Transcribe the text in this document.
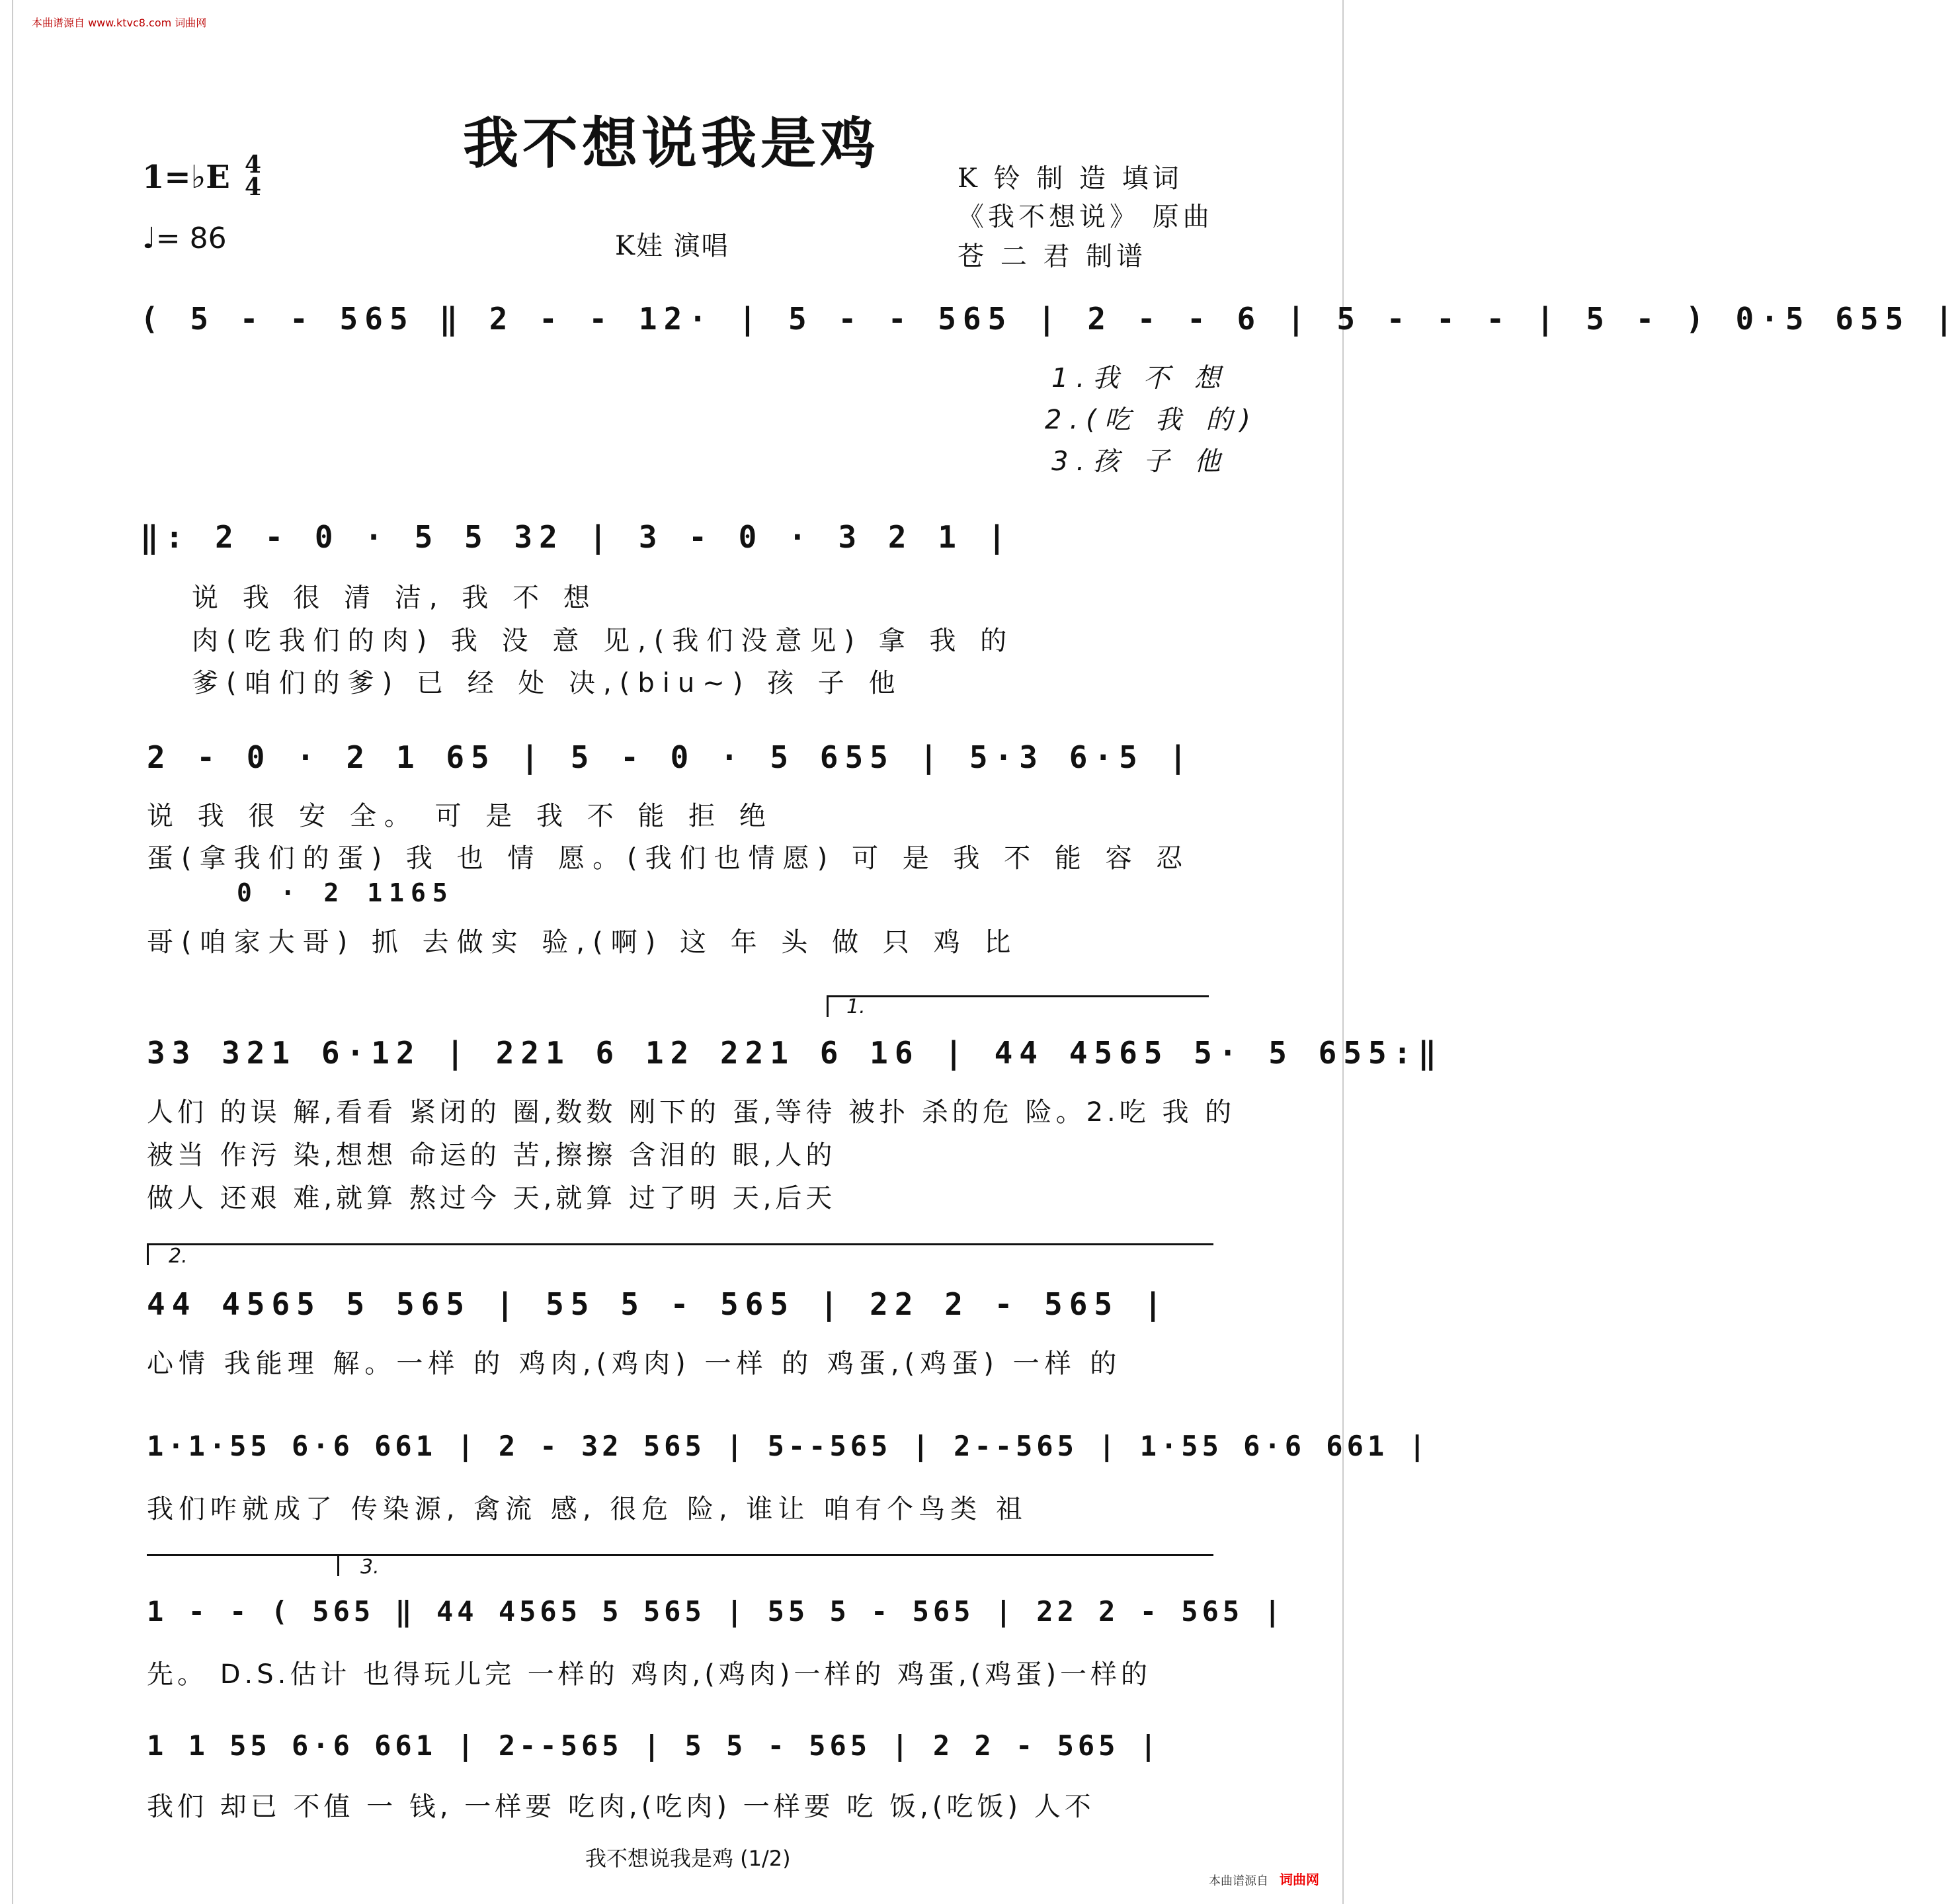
本曲谱源自 www.ktvc8.com 词曲网
我不想说我是鸡
1=♭E 4
4
♩= 86	K娃 演唱
K 铃 制 造 填词
《我不想说》 原曲
苍 二 君 制谱
( 5 - - 565 ‖ 2 - - 12· | 5 - - 565 | 2 - - 6 | 5 - - - | 5 - ) 0·5 655 |
1.我 不 想
2.(吃 我 的)
3.孩 子 他
‖: 2 - 0 · 5 5 32 | 3 - 0 · 3 2 1 |
说 我 很 清 洁, 我 不 想
肉(吃我们的肉) 我 没 意 见,(我们没意见) 拿 我 的
爹(咱们的爹) 已 经 处 决,(biu~) 孩 子 他
2 - 0 · 2 1 65 | 5 - 0 · 5 655 | 5·3 6·5 |
说 我 很 安 全。 可 是 我 不 能 拒 绝
蛋(拿我们的蛋) 我 也 情 愿。(我们也情愿) 可 是 我 不 能 容 忍
0 · 2 1165
哥(咱家大哥) 抓 去做实 验,(啊) 这 年 头 做 只 鸡 比
1.
33 321 6·12 | 221 6 12 221 6 16 | 44 4565 5· 5 655:‖
人们 的误 解,看看 紧闭的 圈,数数 刚下的 蛋,等待 被扑 杀的危 险。2.吃 我 的
被当 作污 染,想想 命运的 苦,擦擦 含泪的 眼,人的
做人 还艰 难,就算 熬过今 天,就算 过了明 天,后天
2.
44 4565 5 565 | 55 5 - 565 | 22 2 - 565 |
心情 我能理 解。一样 的 鸡肉,(鸡肉) 一样 的 鸡蛋,(鸡蛋) 一样 的
1·1·55 6·6 661 | 2 - 32 565 | 5--565 | 2--565 | 1·55 6·6 661 |
我们咋就成了 传染源, 禽流 感, 很危 险, 谁让 咱有个鸟类 祖
3.
1 - - ( 565 ‖ 44 4565 5 565 | 55 5 - 565 | 22 2 - 565 |
先。 D.S.估计 也得玩儿完 一样的 鸡肉,(鸡肉)一样的 鸡蛋,(鸡蛋)一样的
1 1 55 6·6 661 | 2--565 | 5 5 - 565 | 2 2 - 565 |
我们 却已 不值 一 钱, 一样要 吃肉,(吃肉) 一样要 吃 饭,(吃饭) 人不
我不想说我是鸡 (1/2)
本曲谱源自 词曲网
